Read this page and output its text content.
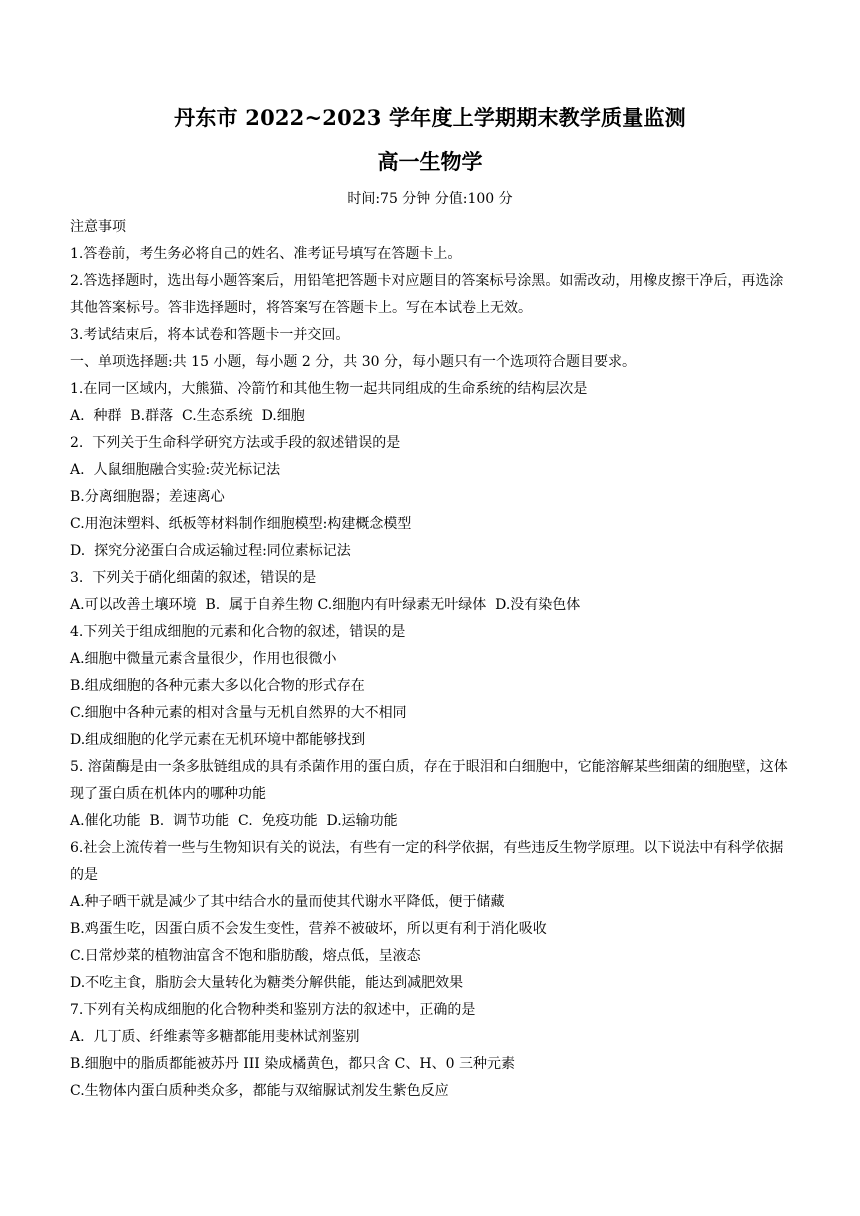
丹东市 2022~2023 学年度上学期期末教学质量监测
高一生物学
时间:75 分钟 分值:100 分
注意事项
1.答卷前，考生务必将自己的姓名、准考证号填写在答题卡上。
2.答选择题时，选出每小题答案后，用铅笔把答题卡对应题目的答案标号涂黑。如需改动，用橡皮擦干净后，再选涂其他答案标号。答非选择题时，将答案写在答题卡上。写在本试卷上无效。
3.考试结束后，将本试卷和答题卡一并交回。
一、单项选择题:共 15 小题，每小题 2 分，共 30 分，每小题只有一个选项符合题目要求。
1.在同一区域内，大熊猫、冷箭竹和其他生物一起共同组成的生命系统的结构层次是
A.  种群  B.群落  C.生态系统  D.细胞
2.  下列关于生命科学研究方法或手段的叙述错误的是
A.  人鼠细胞融合实验:荧光标记法
B.分离细胞器；差速离心
C.用泡沫塑料、纸板等材料制作细胞模型:构建概念模型
D.  探究分泌蛋白合成运输过程:同位素标记法
3.  下列关于硝化细菌的叙述，错误的是
A.可以改善土壤环境  B.  属于自养生物 C.细胞内有叶绿素无叶绿体  D.没有染色体
4.下列关于组成细胞的元素和化合物的叙述，错误的是
A.细胞中微量元素含量很少，作用也很微小
B.组成细胞的各种元素大多以化合物的形式存在
C.细胞中各种元素的相对含量与无机自然界的大不相同
D.组成细胞的化学元素在无机环境中都能够找到
5. 溶菌酶是由一条多肽链组成的具有杀菌作用的蛋白质，存在于眼泪和白细胞中，它能溶解某些细菌的细胞壁，这体现了蛋白质在机体内的哪种功能
A.催化功能  B.  调节功能  C.  免疫功能  D.运输功能
6.社会上流传着一些与生物知识有关的说法，有些有一定的科学依据，有些违反生物学原理。以下说法中有科学依据的是
A.种子晒干就是减少了其中结合水的量而使其代谢水平降低，便于储藏
B.鸡蛋生吃，因蛋白质不会发生变性，营养不被破坏，所以更有利于消化吸收
C.日常炒菜的植物油富含不饱和脂肪酸，熔点低，呈液态
D.不吃主食，脂肪会大量转化为糖类分解供能，能达到减肥效果
7.下列有关构成细胞的化合物种类和鉴别方法的叙述中，正确的是
A.  几丁质、纤维素等多糖都能用斐林试剂鉴别
B.细胞中的脂质都能被苏丹 III 染成橘黄色，都只含 C、H、0 三种元素
C.生物体内蛋白质种类众多，都能与双缩脲试剂发生紫色反应
